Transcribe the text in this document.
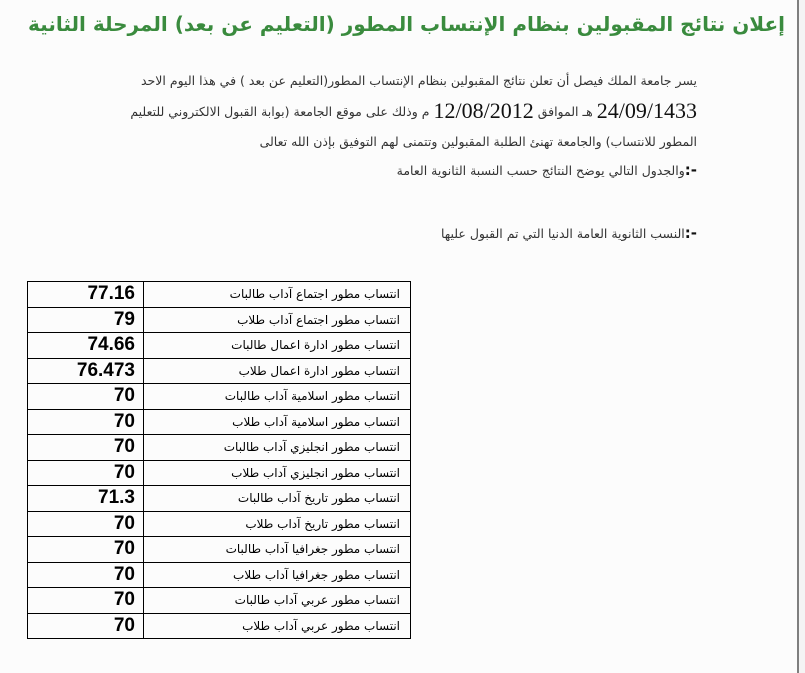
إعلان نتائج المقبولين بنظام الإنتساب المطور (التعليم عن بعد) المرحلة الثانية
يسر جامعة الملك فيصل أن تعلن نتائج المقبولين بنظام الإنتساب المطور(التعليم عن بعد ) في هذا اليوم الاحد 24/09/1433 هـ الموافق 12/08/2012 م وذلك على موقع الجامعة (بوابة القبول الالكتروني للتعليم المطور للانتساب) والجامعة تهنئ الطلبة المقبولين وتتمنى لهم التوفيق بإذن الله تعالى
-:والجدول التالي يوضح النتائج حسب النسبة الثانوية العامة
-:النسب الثانوية العامة الدنيا التي تم القبول عليها
77.16	انتساب مطور اجتماع آداب طالبات
79	انتساب مطور اجتماع آداب طلاب
74.66	انتساب مطور ادارة اعمال طالبات
76.473	انتساب مطور ادارة اعمال طلاب
70	انتساب مطور اسلامية آداب طالبات
70	انتساب مطور اسلامية آداب طلاب
70	انتساب مطور انجليزي آداب طالبات
70	انتساب مطور انجليزي آداب طلاب
71.3	انتساب مطور تاريخ آداب طالبات
70	انتساب مطور تاريخ آداب طلاب
70	انتساب مطور جغرافيا آداب طالبات
70	انتساب مطور جغرافيا آداب طلاب
70	انتساب مطور عربي آداب طالبات
70	انتساب مطور عربي آداب طلاب
